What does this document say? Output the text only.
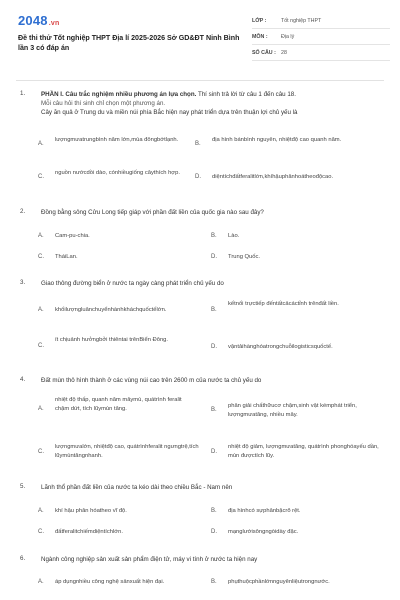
2048.vn
Đề thi thử Tốt nghiệp THPT Địa lí 2025-2026 Sở GD&ĐT Ninh Bình lần 3 có đáp án
LỚP :	Tốt nghiệp THPT
MÔN :	Địa lý
SỐ CÂU : 28
1.	PHẦN I. Câu trắc nghiệm nhiều phương án lựa chọn. Thí sinh trả lời từ câu 1 đến câu 18.
Mỗi câu hỏi thí sinh chỉ chọn một phương án.
Cây ăn quả ở Trung du và miền núi phía Bắc hiện nay phát triển dựa trên thuận lợi chủ yếu là
A.
lượngmưatrungbình năm lớn,mùa đôngbớtlạnh.
B.
địa hình bánbình nguyên, nhiệtđộ cao quanh năm.
C.
nguồn nướcdồi dào, cónhiềugiống câythích hợp.
D. diệntíchđấtferalitlớn,khíhậuphânhoátheođộcao.
2.	Đồng bằng sông Cửu Long tiếp giáp với phần đất liền của quốc gia nào sau đây?
A. Cam-pu-chia.	B. Lào.
C. TháiLan.	D. Trung Quốc.
3.	Giao thông đường biển ở nước ta ngày càng phát triển chủ yếu do
A. khốilượngluânchuyểnhànhkháchquốctếlớn.	B.
kếtnối trựctiếp đếntấtcảcáctỉnh trênđất liền.
C.
ít chịuảnh hưởngbởi thiêntai trênBiển Đông.
D. vậntảihànghóatrongchuỗilogisticsquốctế.
4.	Đất mùn thô hình thành ở các vùng núi cao trên 2600 m của nước ta chủ yếu do
A.
nhiệt độ thấp, quanh năm mâymù, quátrình feralit chậm dứt, tích lũymùn tăng.	B.
phân giải chấthữucơ chậm,sinh vật kémphát triển, lượngmưatăng, nhiều mây.
C.
lượngmưalớn, nhiệtđộ cao, quátrìnhferalit ngưngtrệ,tích lũymùntăngnhanh.
D.
nhiệt độ giảm, lượngmưatăng, quátrình phonghóayếu dần, mùn đượctích lũy.
5.	Lãnh thổ phần đất liền của nước ta kéo dài theo chiều Bắc - Nam nên
A. khí hậu phân hóatheo vĩ độ.	B. địa hìnhcó sựphânbậcrõ rệt.
C. đấtferalitchiếmdiệntíchlớn.	D. mạnglướisôngngòidày đặc.
6.	Ngành công nghiệp sản xuất sản phẩm điện tử, máy vi tính ở nước ta hiện nay
A. áp dụngnhiều công nghệ sảnxuất hiện đại.	B. phụthuộcphầnlớnnguyênliệutrongnước.
